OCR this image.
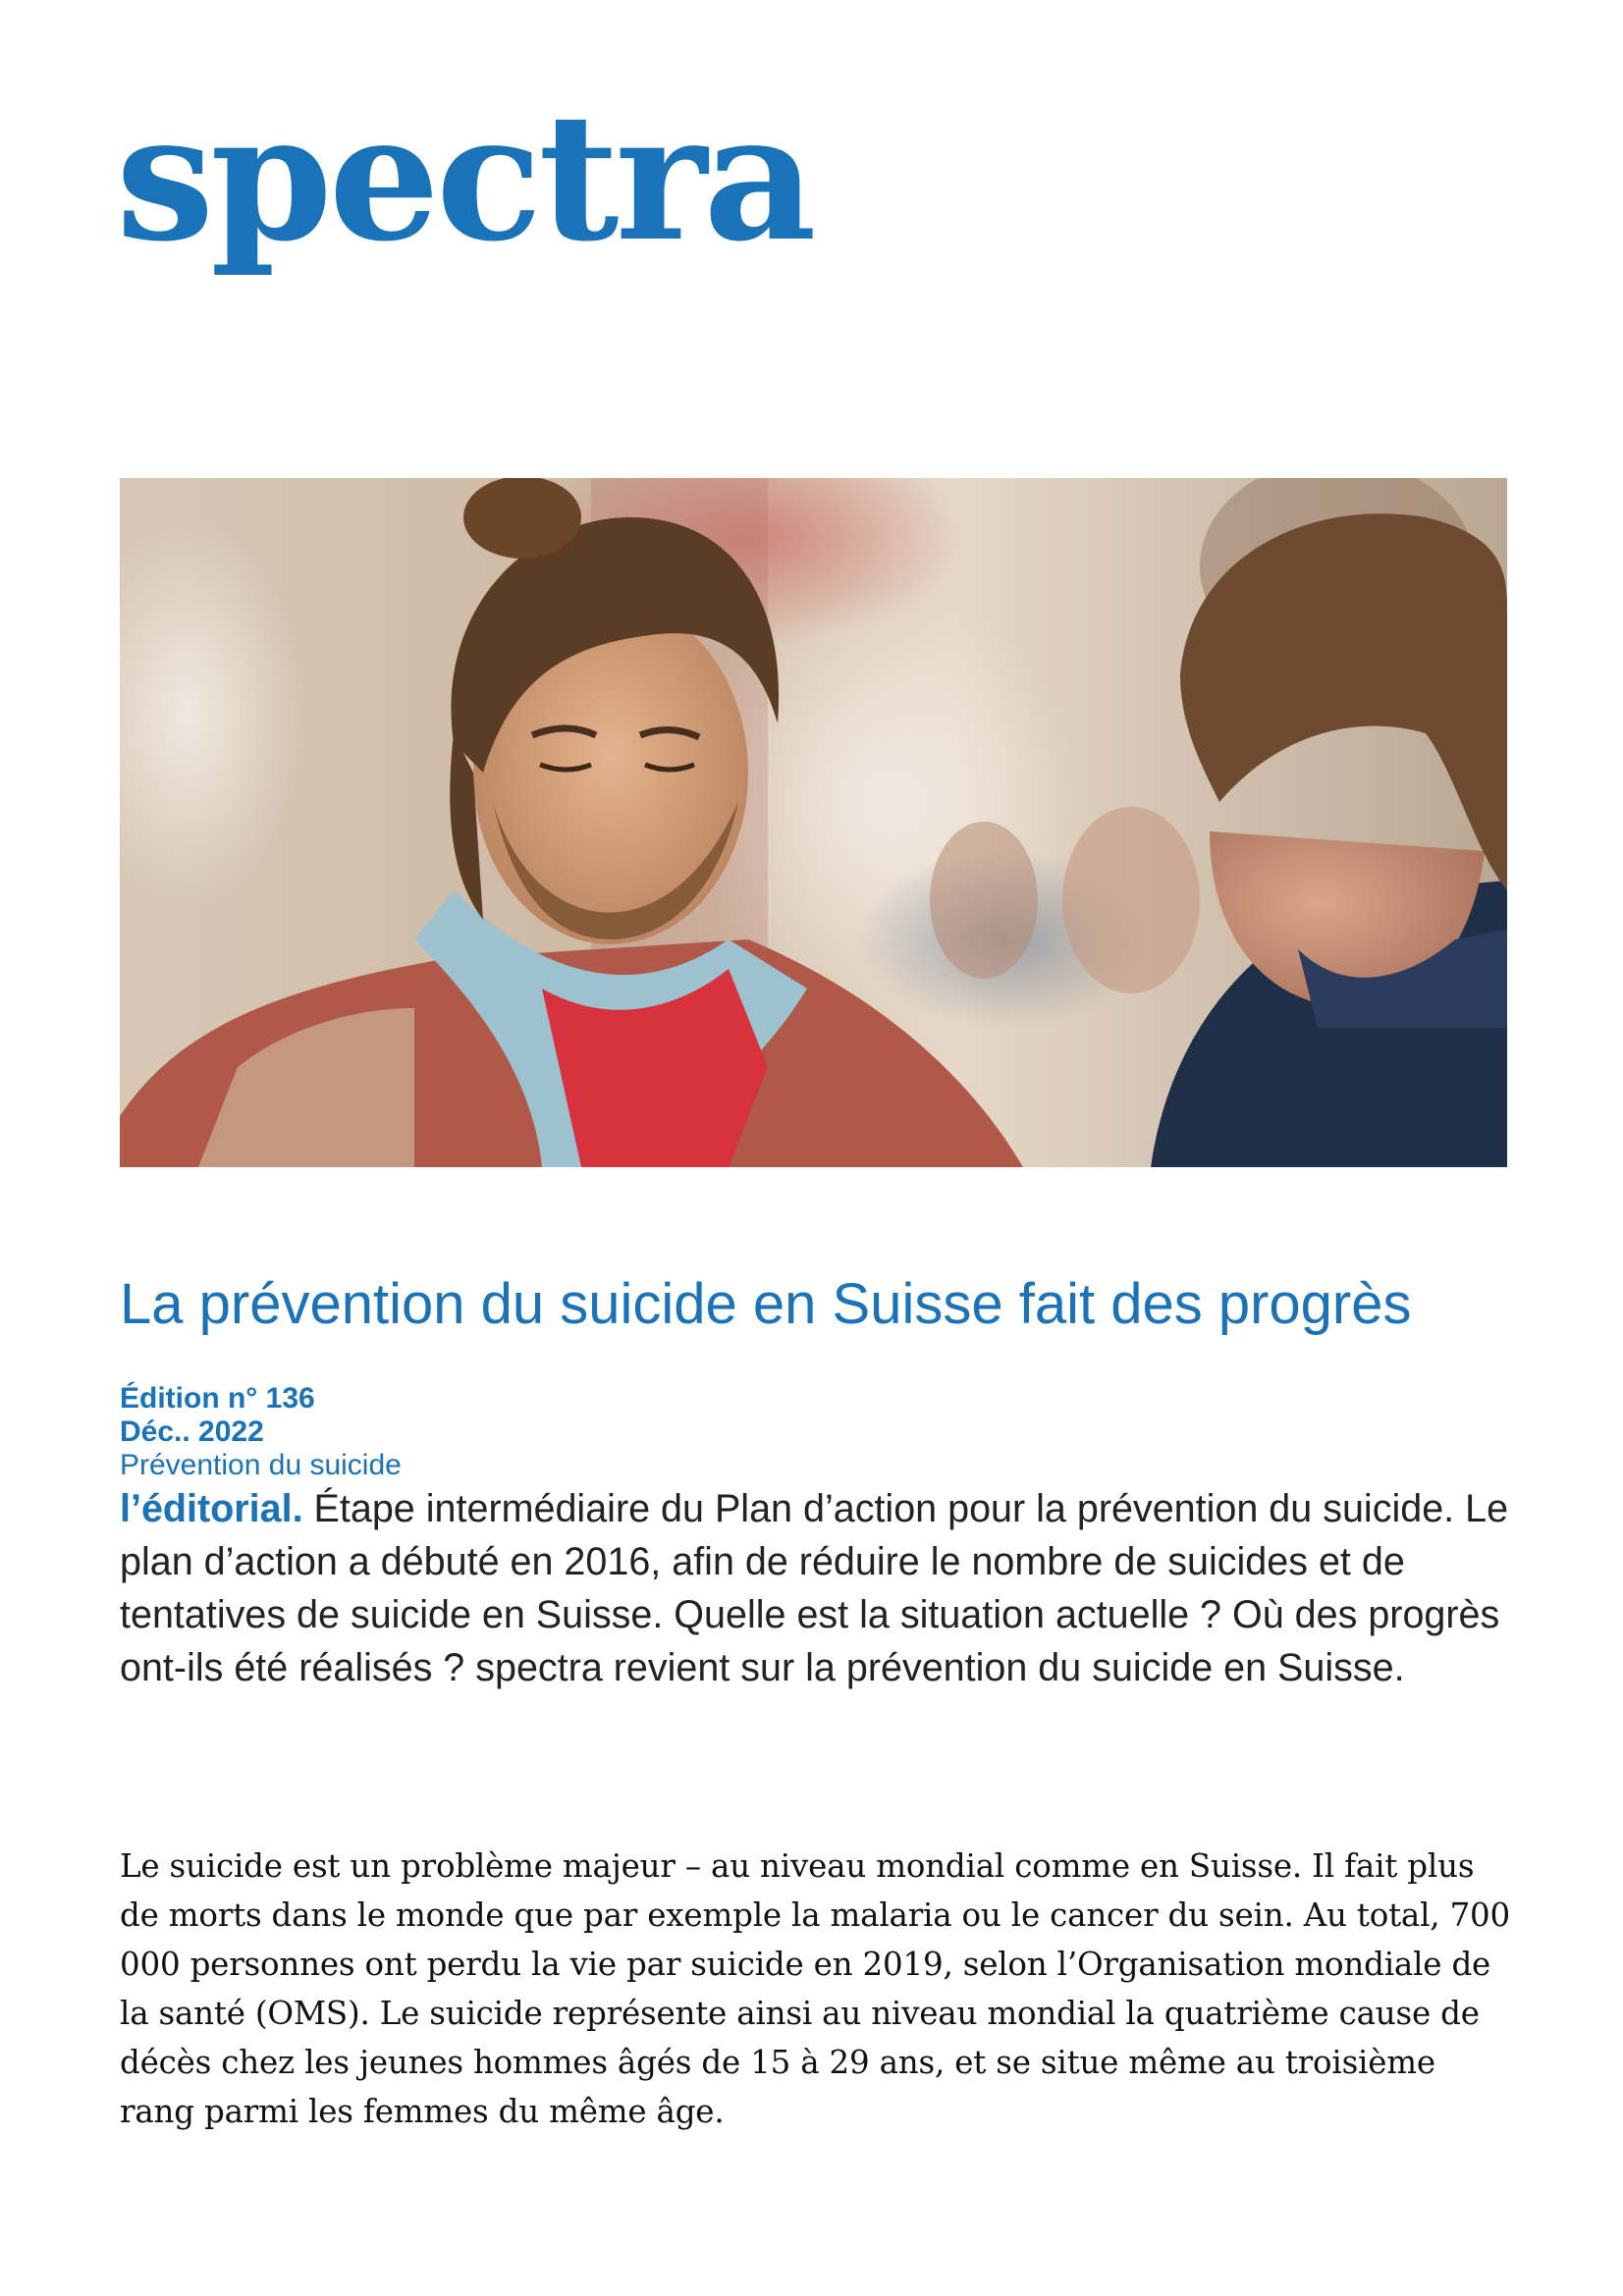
spectra
La prévention du suicide en Suisse fait des progrès
Édition n° 136
Déc.. 2022
Prévention du suicide

l’éditorial. Étape intermédiaire du Plan d’action pour la prévention du suicide. Le plan d’action a débuté en 2016, afin de réduire le nombre de suicides et de tentatives de suicide en Suisse. Quelle est la situation actuelle ? Où des progrès ont-ils été réalisés ? spectra revient sur la prévention du suicide en Suisse.

Le suicide est un problème majeur – au niveau mondial comme en Suisse. Il fait plus de morts dans le monde que par exemple la malaria ou le cancer du sein. Au total, 700 000 personnes ont perdu la vie par suicide en 2019, selon l’Organisation mondiale de la santé (OMS). Le suicide représente ainsi au niveau mondial la quatrième cause de décès chez les jeunes hommes âgés de 15 à 29 ans, et se situe même au troisième rang parmi les femmes du même âge.
